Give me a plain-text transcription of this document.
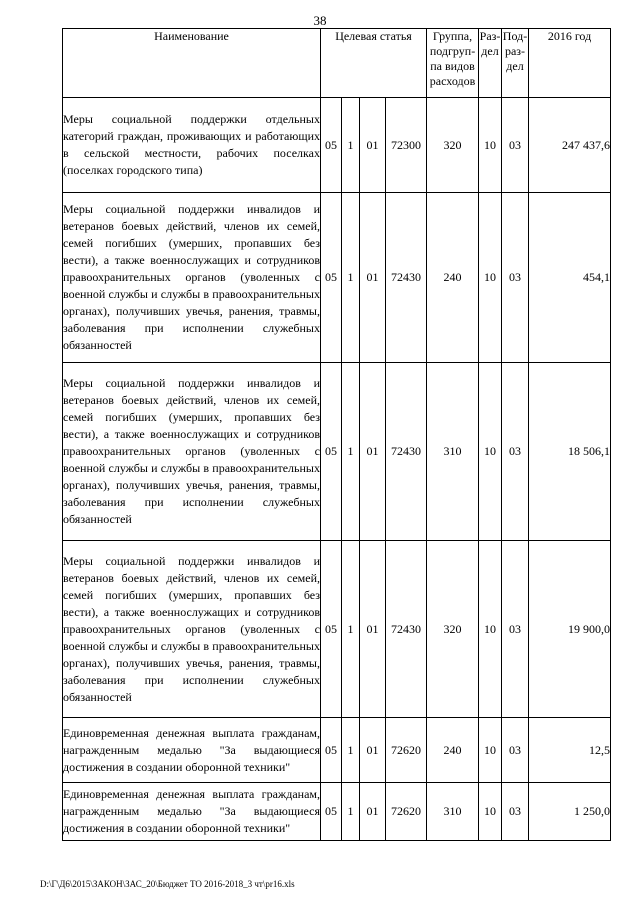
38
Наименование	Целевая статья				Группа, подгруп-па видов расходов	Раз-дел	Под-раз-дел	2016 год
Меры социальной поддержки отдельных категорий граждан, проживающих и работающих в сельской местности, рабочих поселках (поселках городского типа)	05	1	01	72300	320	10	03	247 437,6
Меры социальной поддержки инвалидов и ветеранов боевых действий, членов их семей, семей погибших (умерших, пропавших без вести), а также военнослужащих и сотрудников правоохранительных органов (уволенных с военной службы и службы в правоохранительных органах), получивших увечья, ранения, травмы, заболевания при исполнении служебных обязанностей	05	1	01	72430	240	10	03	454,1
Меры социальной поддержки инвалидов и ветеранов боевых действий, членов их семей, семей погибших (умерших, пропавших без вести), а также военнослужащих и сотрудников правоохранительных органов (уволенных с военной службы и службы в правоохранительных органах), получивших увечья, ранения, травмы, заболевания при исполнении служебных обязанностей	05	1	01	72430	310	10	03	18 506,1
Меры социальной поддержки инвалидов и ветеранов боевых действий, членов их семей, семей погибших (умерших, пропавших без вести), а также военнослужащих и сотрудников правоохранительных органов (уволенных с военной службы и службы в правоохранительных органах), получивших увечья, ранения, травмы, заболевания при исполнении служебных обязанностей	05	1	01	72430	320	10	03	19 900,0
Единовременная денежная выплата гражданам, награжденным медалью "За выдающиеся достижения в создании оборонной техники"	05	1	01	72620	240	10	03	12,5
Единовременная денежная выплата гражданам, награжденным медалью "За выдающиеся достижения в создании оборонной техники"	05	1	01	72620	310	10	03	1 250,0
D:\Г\Д6\2015\ЗАКОН\ЗАС_20\Бюджет ТО 2016-2018_3 чт\pr16.xls
